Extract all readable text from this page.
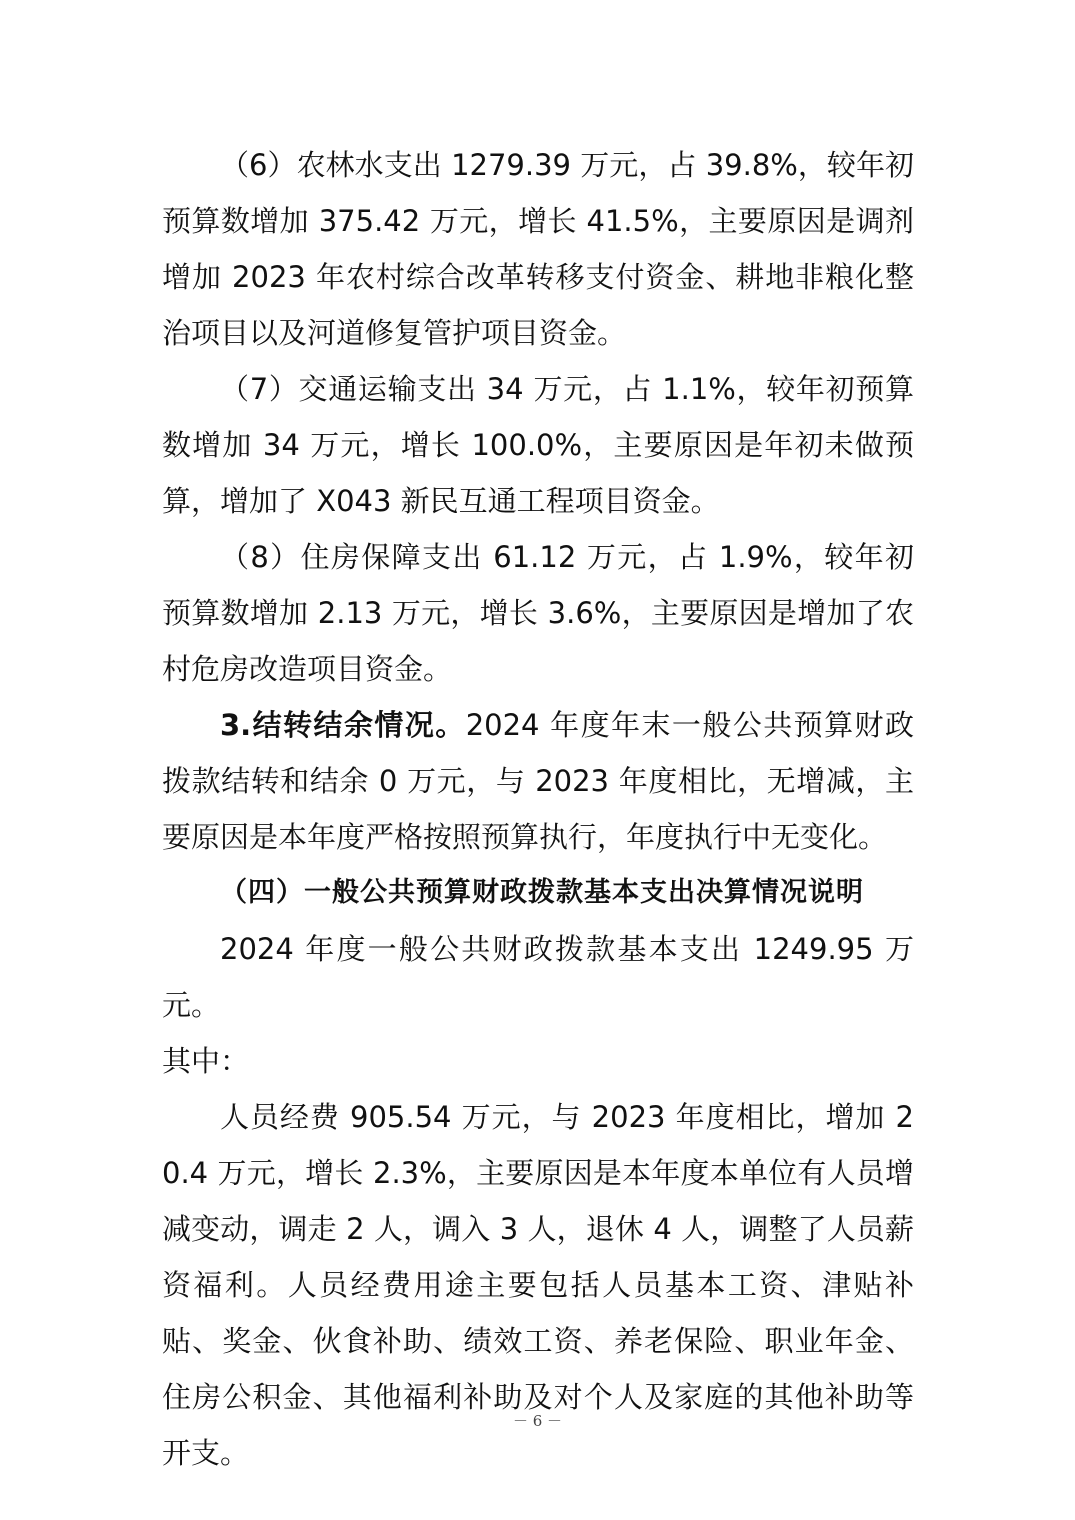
（6）农林水支出 1279.39 万元，占 39.8%，较年初预算数增加 375.42 万元，增长 41.5%，主要原因是调剂增加 2023 年农村综合改革转移支付资金、耕地非粮化整治项目以及河道修复管护项目资金。

（7）交通运输支出 34 万元，占 1.1%，较年初预算数增加 34 万元，增长 100.0%，主要原因是年初未做预算，增加了 X043 新民互通工程项目资金。

（8）住房保障支出 61.12 万元，占 1.9%，较年初预算数增加 2.13 万元，增长 3.6%，主要原因是增加了农村危房改造项目资金。

3.结转结余情况。2024 年度年末一般公共预算财政拨款结转和结余 0 万元，与 2023 年度相比，无增减，主要原因是本年度严格按照预算执行，年度执行中无变化。

（四）一般公共预算财政拨款基本支出决算情况说明

2024 年度一般公共财政拨款基本支出 1249.95 万元。

其中：

人员经费 905.54 万元，与 2023 年度相比，增加 20.4 万元，增长 2.3%，主要原因是本年度本单位有人员增减变动，调走 2 人，调入 3 人，退休 4 人，调整了人员薪资福利。人员经费用途主要包括人员基本工资、津贴补贴、奖金、伙食补助、绩效工资、养老保险、职业年金、住房公积金、其他福利补助及对个人及家庭的其他补助等开支。

－ 6 －
